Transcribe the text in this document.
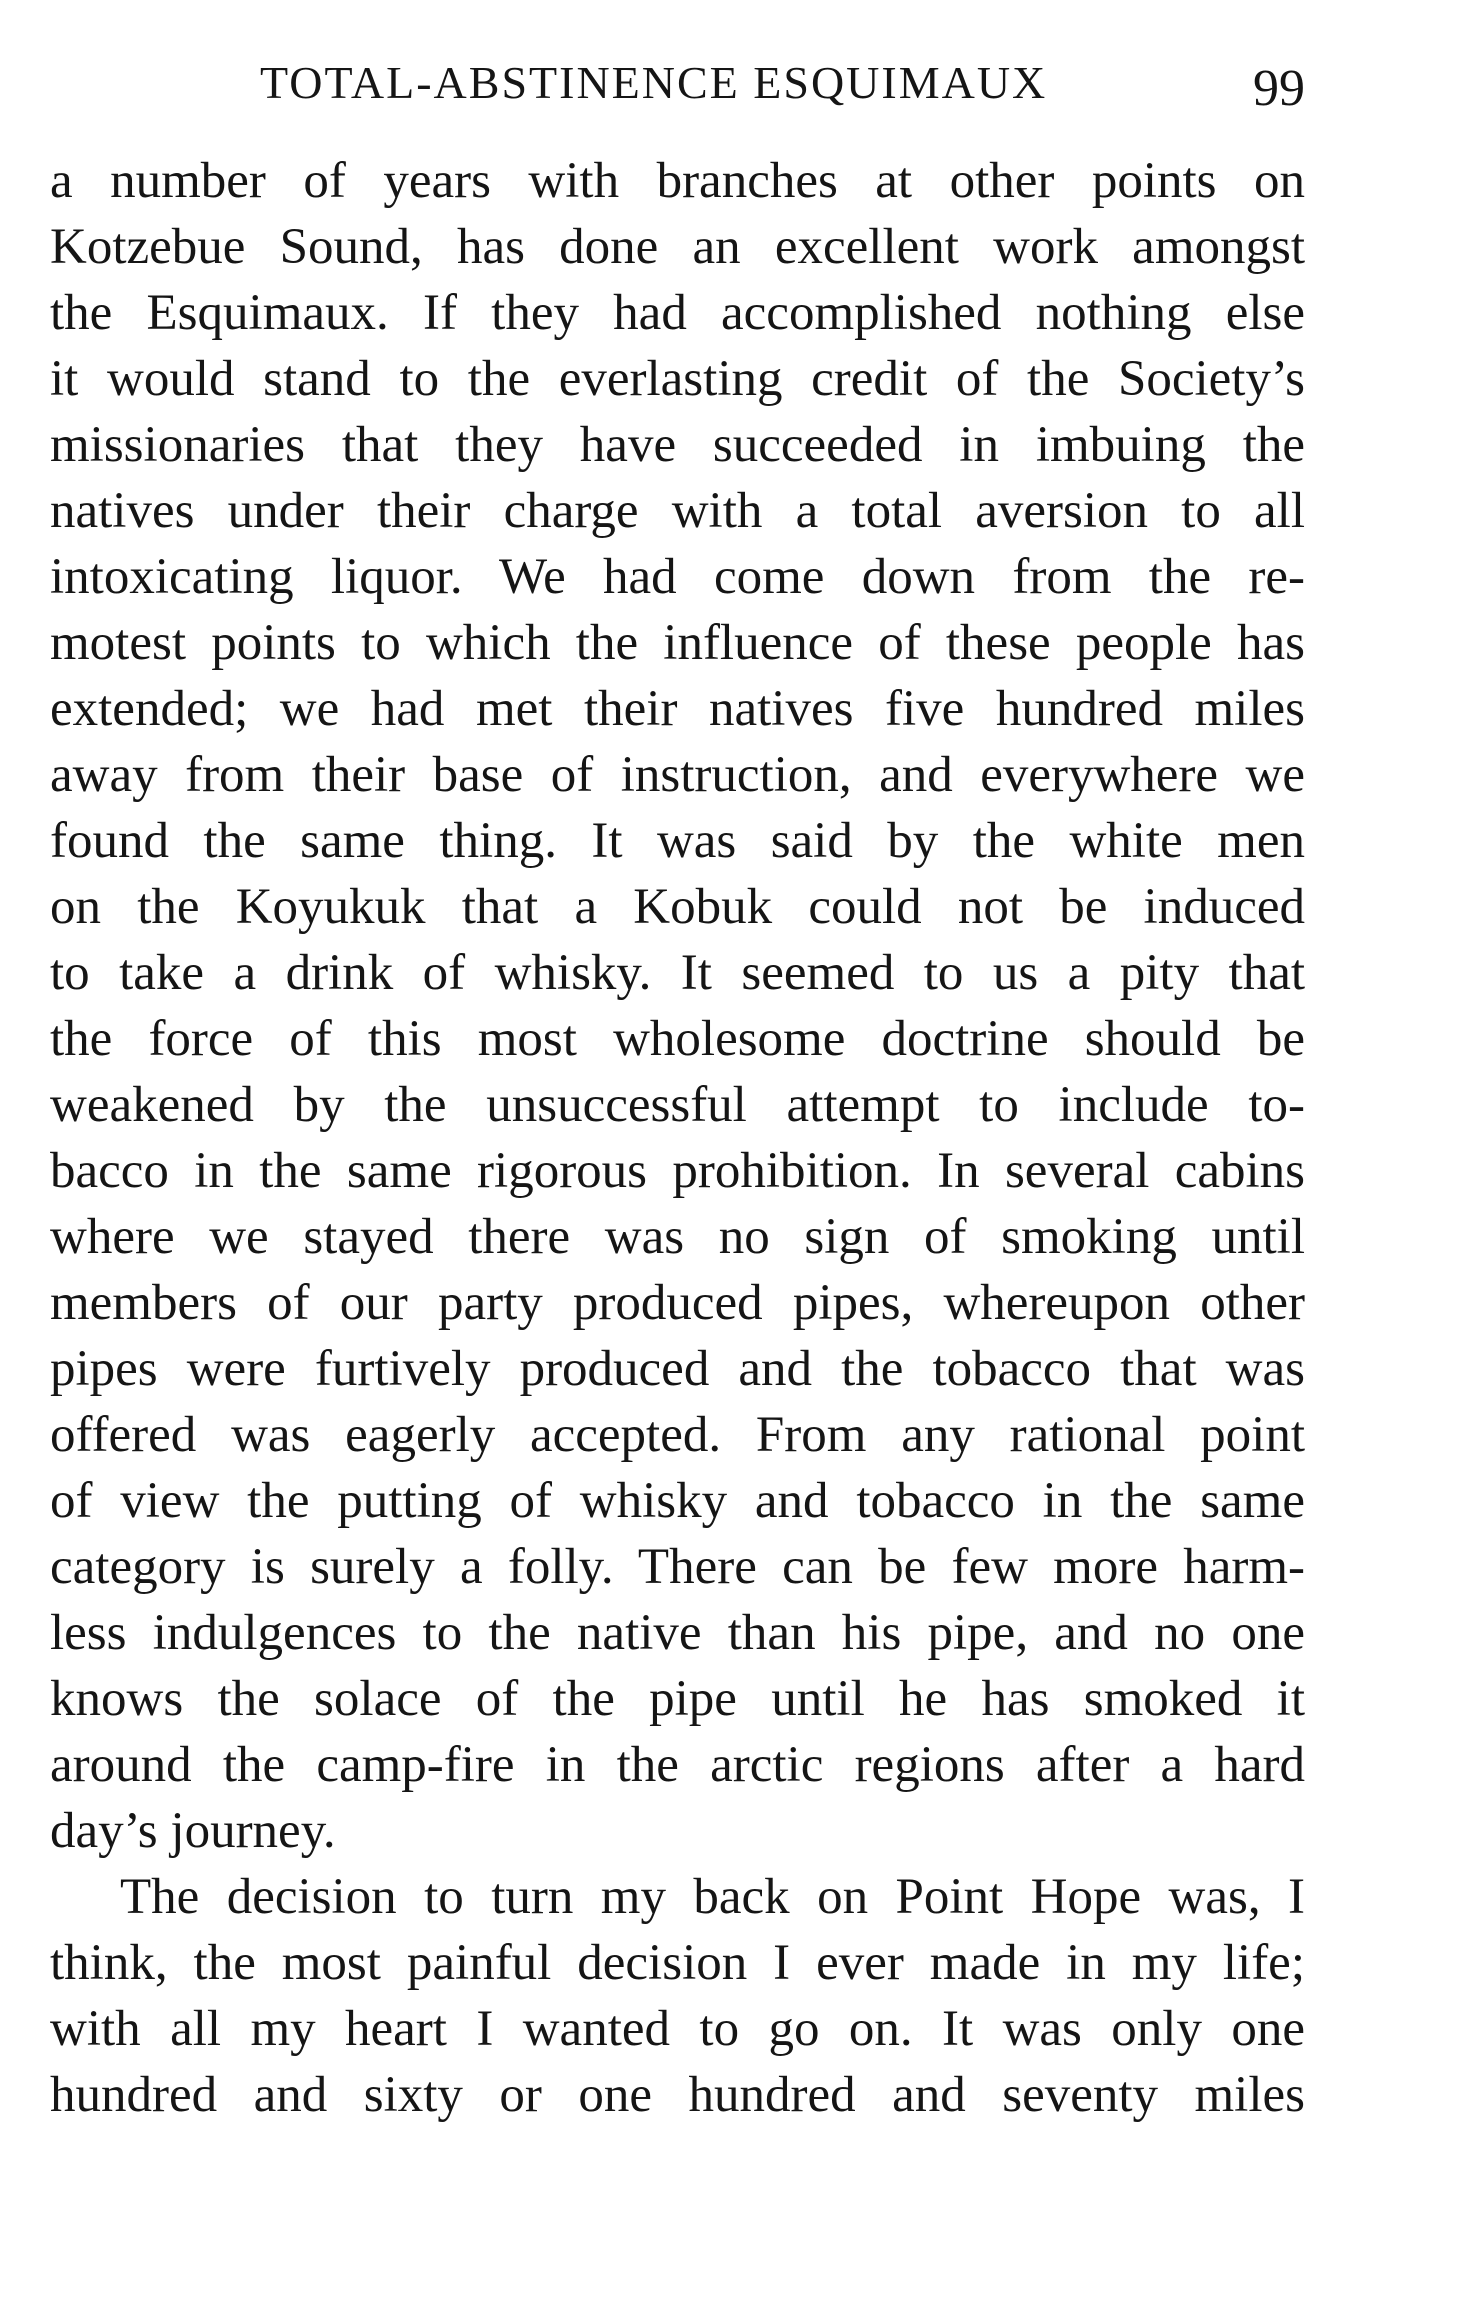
TOTAL-ABSTINENCE ESQUIMAUX	99
a number of years with branches at other points on
Kotzebue Sound, has done an excellent work amongst
the Esquimaux. If they had accomplished nothing else
it would stand to the everlasting credit of the Society’s
missionaries that they have succeeded in imbuing the
natives under their charge with a total aversion to all
intoxicating liquor. We had come down from the re-
motest points to which the influence of these people has
extended; we had met their natives five hundred miles
away from their base of instruction, and everywhere we
found the same thing. It was said by the white men
on the Koyukuk that a Kobuk could not be induced
to take a drink of whisky. It seemed to us a pity that
the force of this most wholesome doctrine should be
weakened by the unsuccessful attempt to include to-
bacco in the same rigorous prohibition. In several cabins
where we stayed there was no sign of smoking until
members of our party produced pipes, whereupon other
pipes were furtively produced and the tobacco that was
offered was eagerly accepted. From any rational point
of view the putting of whisky and tobacco in the same
category is surely a folly. There can be few more harm-
less indulgences to the native than his pipe, and no one
knows the solace of the pipe until he has smoked it
around the camp-fire in the arctic regions after a hard
day’s journey.
The decision to turn my back on Point Hope was, I
think, the most painful decision I ever made in my life;
with all my heart I wanted to go on. It was only one
hundred and sixty or one hundred and seventy miles
